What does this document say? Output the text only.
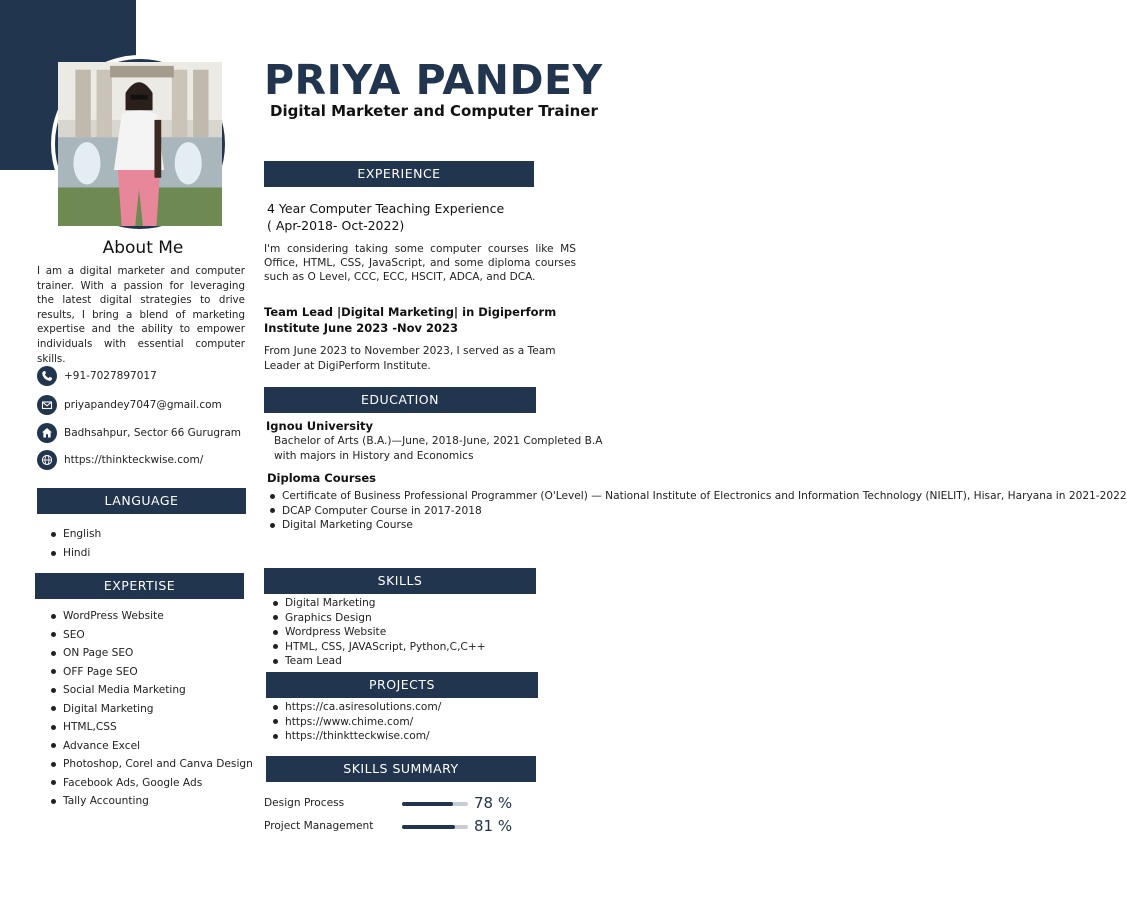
PRIYA PANDEY
Digital Marketer and Computer Trainer
About Me
I am a digital marketer and computer trainer. With a passion for leveraging the latest digital strategies to drive results, I bring a blend of marketing expertise and the ability to empower individuals with essential computer skills.
+91-7027897017
priyapandey7047@gmail.com
Badhsahpur, Sector 66 Gurugram
https://thinkteckwise.com/
LANGUAGE
English
Hindi
EXPERTISE
WordPress Website
SEO
ON Page SEO
OFF Page SEO
Social Media Marketing
Digital Marketing
HTML,CSS
Advance Excel
Photoshop, Corel and Canva Design
Facebook Ads, Google Ads
Tally Accounting
EXPERIENCE
4 Year Computer Teaching Experience
( Apr-2018- Oct-2022)
I'm considering taking some computer courses like MS Office, HTML, CSS, JavaScript, and some diploma courses such as O Level, CCC, ECC, HSCIT, ADCA, and DCA.
Team Lead |Digital Marketing| in Digiperform
Institute June 2023 -Nov 2023
From June 2023 to November 2023, I served as a Team
Leader at DigiPerform Institute.
EDUCATION
Ignou University
Bachelor of Arts (B.A.)—June, 2018-June, 2021 Completed B.A
with majors in History and Economics
Diploma Courses
Certificate of Business Professional Programmer (O'Level) — National Institute of Electronics and Information Technology (NIELIT), Hisar, Haryana in 2021-2022
DCAP Computer Course in 2017-2018
Digital Marketing Course
SKILLS
Digital Marketing
Graphics Design
Wordpress Website
HTML, CSS, JAVAScript, Python,C,C++
Team Lead
PROJECTS
https://ca.asiresolutions.com/
https://www.chime.com/
https://thinktteckwise.com/
SKILLS SUMMARY
Design Process	78 %
Project Management	81 %
